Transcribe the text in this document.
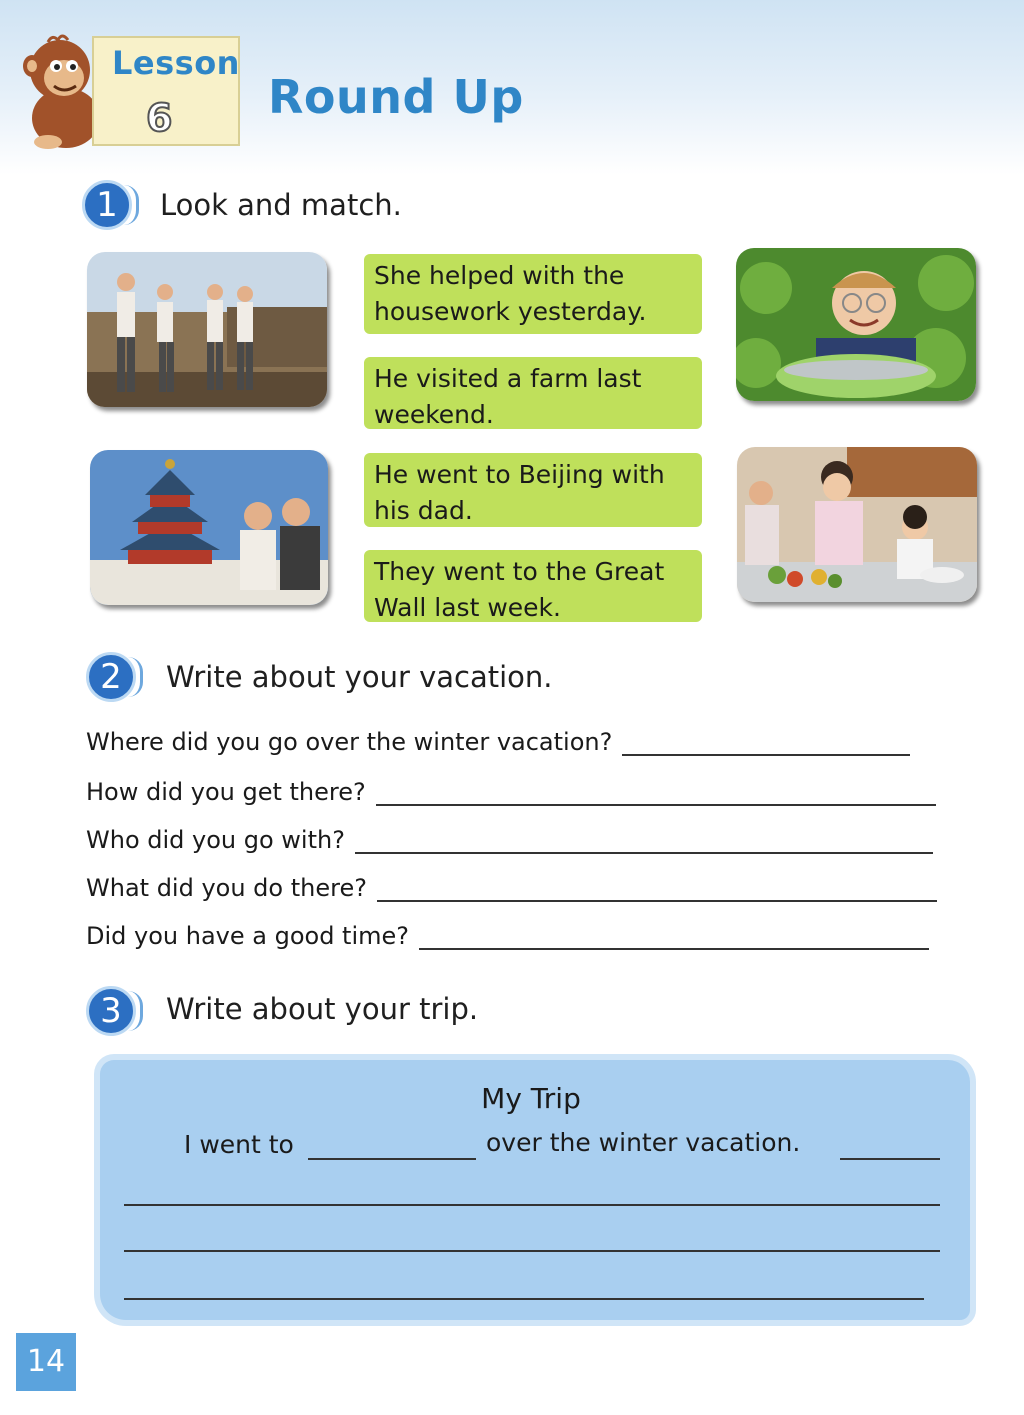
Lesson
6 Round Up
1	Look and match.
She helped with the housework yesterday.
He visited a farm last weekend.
He went to Beijing with his dad.
They went to the Great Wall last week.
2	Write about your vacation.
Where did you go over the winter vacation?
How did you get there?
Who did you go with?
What did you do there?
Did you have a good time?
3	Write about your trip.
My Trip
I went to	over the winter vacation.
14
